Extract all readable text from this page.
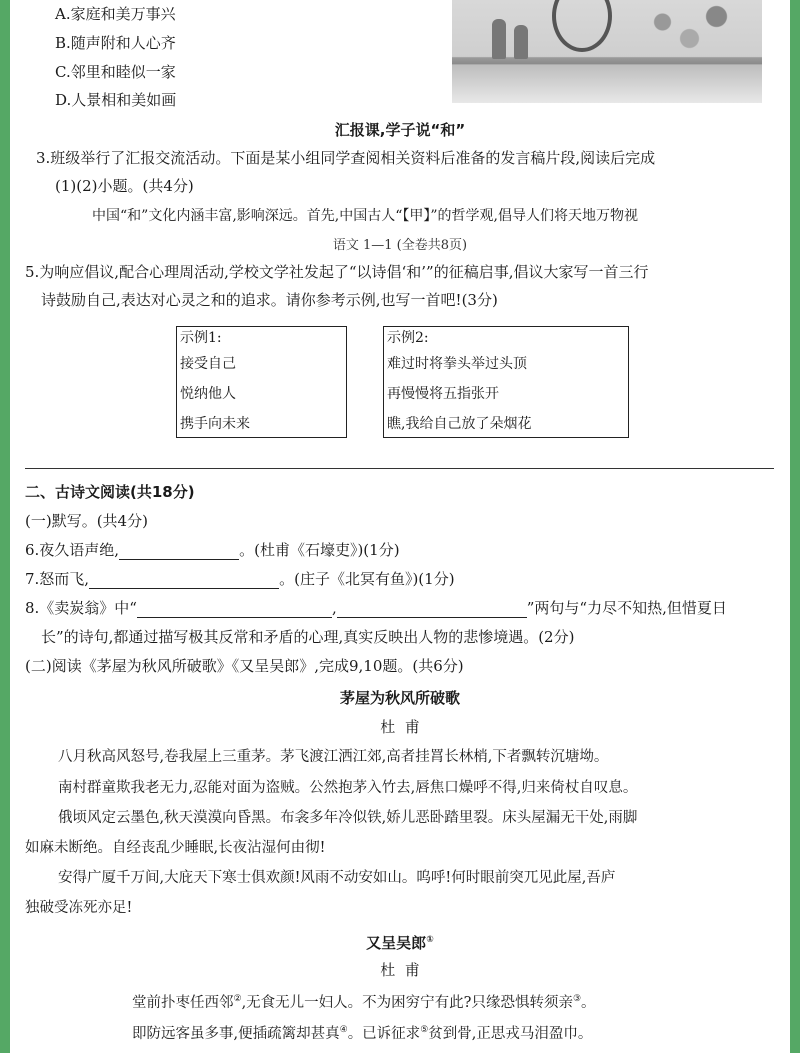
A.家庭和美万事兴
B.随声附和人心齐
C.邻里和睦似一家
D.人景相和美如画
汇报课,学子说“和”
3.班级举行了汇报交流活动。下面是某小组同学查阅相关资料后准备的发言稿片段,阅读后完成
(1)(2)小题。(共4分)
中国“和”文化内涵丰富,影响深远。首先,中国古人“【甲】”的哲学观,倡导人们将天地万物视
语文 1—1 (全卷共8页)
5.为响应倡议,配合心理周活动,学校文学社发起了“以诗倡‘和’”的征稿启事,倡议大家写一首三行
诗鼓励自己,表达对心灵之和的追求。请你参考示例,也写一首吧!(3分)
示例1:
接受自己
悦纳他人
携手向未来
示例2:
难过时将拳头举过头顶
再慢慢将五指张开
瞧,我给自己放了朵烟花
二、古诗文阅读(共18分)
(一)默写。(共4分)
6.夜久语声绝,	。(杜甫《石壕吏》)(1分)
7.怒而飞,	。(庄子《北冥有鱼》)(1分)
8.《卖炭翁》中“	,	”两句与“力尽不知热,但惜夏日
长”的诗句,都通过描写极其反常和矛盾的心理,真实反映出人物的悲惨境遇。(2分)
(二)阅读《茅屋为秋风所破歌》《又呈吴郎》,完成9,10题。(共6分)
茅屋为秋风所破歌
杜  甫
八月秋高风怒号,卷我屋上三重茅。茅飞渡江洒江郊,高者挂罥长林梢,下者飘转沉塘坳。
南村群童欺我老无力,忍能对面为盗贼。公然抱茅入竹去,唇焦口燥呼不得,归来倚杖自叹息。
俄顷风定云墨色,秋天漠漠向昏黑。布衾多年冷似铁,娇儿恶卧踏里裂。床头屋漏无干处,雨脚
如麻未断绝。自经丧乱少睡眠,长夜沾湿何由彻!
安得广厦千万间,大庇天下寒士俱欢颜!风雨不动安如山。呜呼!何时眼前突兀见此屋,吾庐
独破受冻死亦足!
又呈吴郎①
杜  甫
堂前扑枣任西邻②,无食无儿一妇人。不为困穷宁有此?只缘恐惧转须亲③。
即防远客虽多事,便插疏篱却甚真④。已诉征求⑤贫到骨,正思戎马泪盈巾。
